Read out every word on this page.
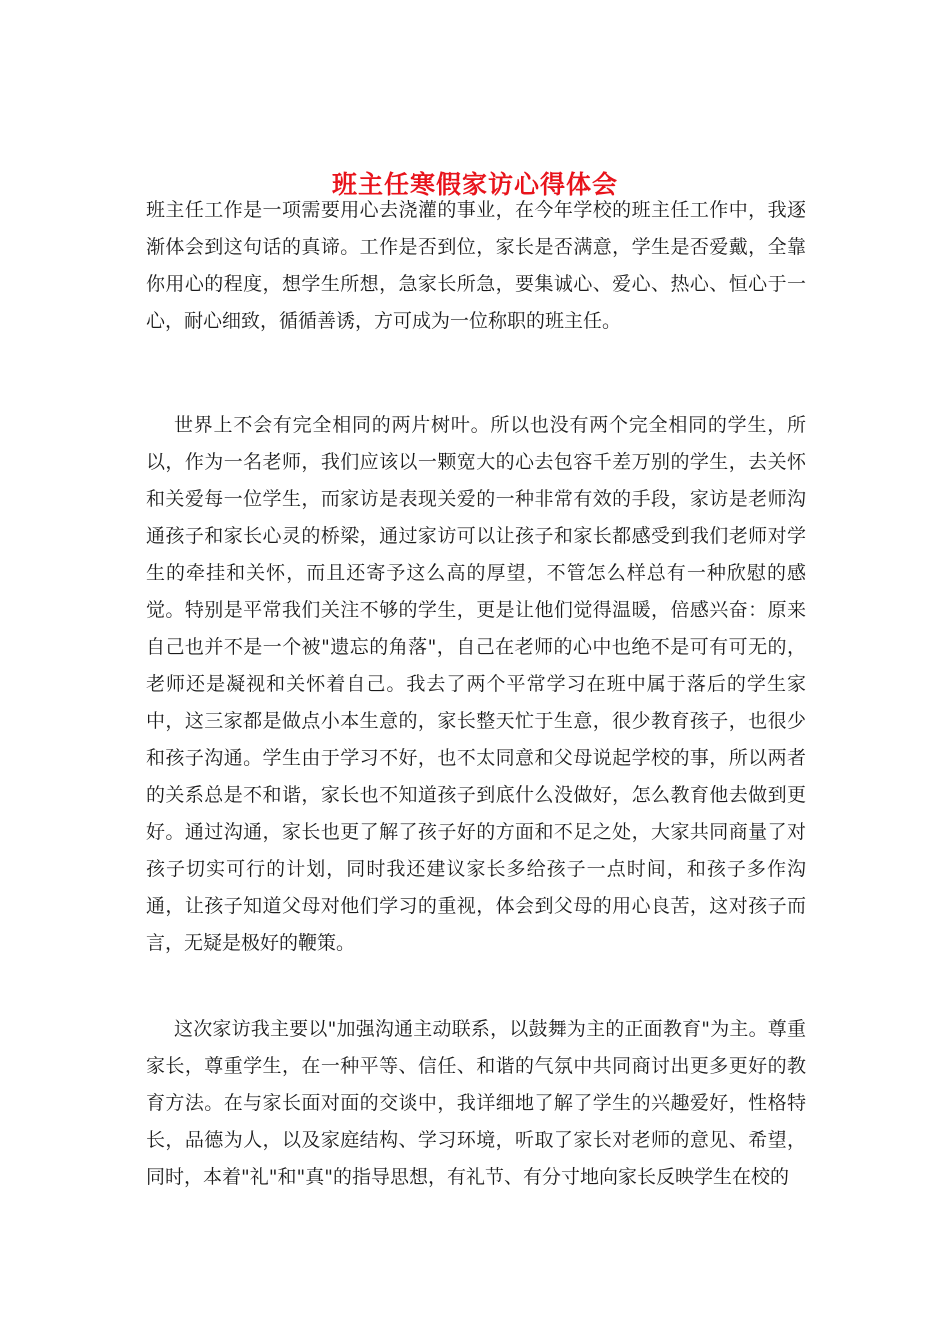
班主任寒假家访心得体会

班主任工作是一项需要用心去浇灌的事业，在今年学校的班主任工作中，我逐渐体会到这句话的真谛。工作是否到位，家长是否满意，学生是否爱戴，全靠你用心的程度，想学生所想，急家长所急，要集诚心、爱心、热心、恒心于一心，耐心细致，循循善诱，方可成为一位称职的班主任。

世界上不会有完全相同的两片树叶。所以也没有两个完全相同的学生，所以，作为一名老师，我们应该以一颗宽大的心去包容千差万别的学生，去关怀和关爱每一位学生，而家访是表现关爱的一种非常有效的手段，家访是老师沟通孩子和家长心灵的桥梁，通过家访可以让孩子和家长都感受到我们老师对学生的牵挂和关怀，而且还寄予这么高的厚望，不管怎么样总有一种欣慰的感觉。特别是平常我们关注不够的学生，更是让他们觉得温暖，倍感兴奋：原来自己也并不是一个被"遗忘的角落"，自己在老师的心中也绝不是可有可无的，老师还是凝视和关怀着自己。我去了两个平常学习在班中属于落后的学生家中，这三家都是做点小本生意的，家长整天忙于生意，很少教育孩子，也很少和孩子沟通。学生由于学习不好，也不太同意和父母说起学校的事，所以两者的关系总是不和谐，家长也不知道孩子到底什么没做好，怎么教育他去做到更好。通过沟通，家长也更了解了孩子好的方面和不足之处，大家共同商量了对孩子切实可行的计划，同时我还建议家长多给孩子一点时间，和孩子多作沟通，让孩子知道父母对他们学习的重视，体会到父母的用心良苦，这对孩子而言，无疑是极好的鞭策。

这次家访我主要以"加强沟通主动联系，以鼓舞为主的正面教育"为主。尊重家长，尊重学生，在一种平等、信任、和谐的气氛中共同商讨出更多更好的教育方法。在与家长面对面的交谈中，我详细地了解了学生的兴趣爱好，性格特长，品德为人，以及家庭结构、学习环境，听取了家长对老师的意见、希望，同时，本着"礼"和"真"的指导思想，有礼节、有分寸地向家长反映学生在校的
